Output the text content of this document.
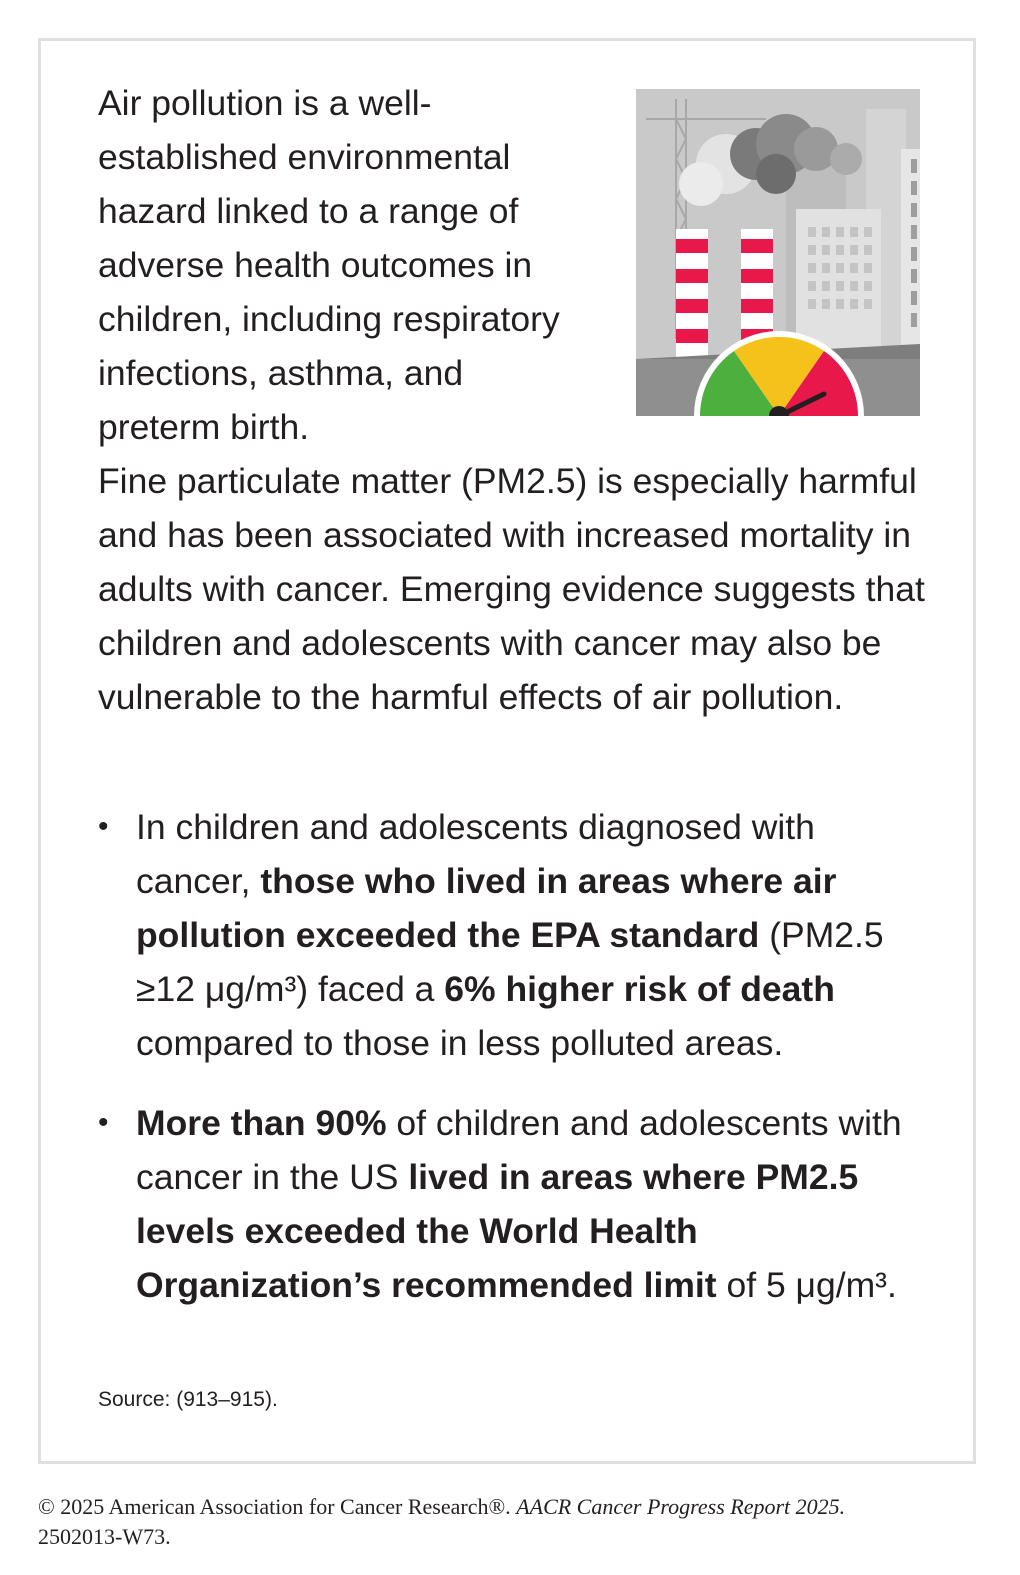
Air pollution is a well-established environmental hazard linked to a range of adverse health outcomes in children, including respiratory infections, asthma, and preterm birth.
Fine particulate matter (PM2.5) is especially harmful and has been associated with increased mortality in adults with cancer. Emerging evidence suggests that children and adolescents with cancer may also be vulnerable to the harmful effects of air pollution.

• In children and adolescents diagnosed with cancer, those who lived in areas where air pollution exceeded the EPA standard (PM2.5 ≥12 μg/m³) faced a 6% higher risk of death compared to those in less polluted areas.
• More than 90% of children and adolescents with cancer in the US lived in areas where PM2.5 levels exceeded the World Health Organization’s recommended limit of 5 μg/m³.

Source: (913–915).

© 2025 American Association for Cancer Research®. AACR Cancer Progress Report 2025.
2502013-W73.
